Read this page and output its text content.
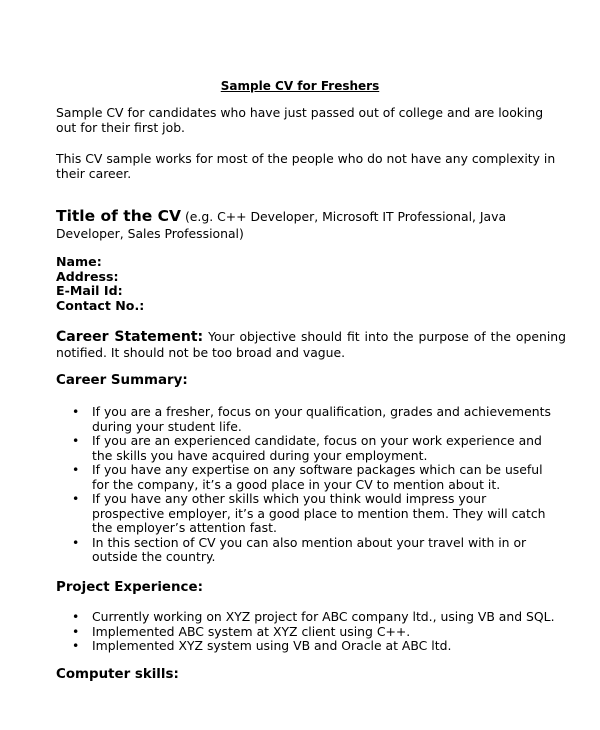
Sample CV for Freshers

Sample CV for candidates who have just passed out of college and are looking out for their first job.

This CV sample works for most of the people who do not have any complexity in their career.

Title of the CV (e.g. C++ Developer, Microsoft IT Professional, Java Developer, Sales Professional)
Name:
Address:
E-Mail Id:
Contact No.:
Career Statement: Your objective should fit into the purpose of the opening notified. It should not be too broad and vague.
Career Summary:
• If you are a fresher, focus on your qualification, grades and achievements during your student life.
• If you are an experienced candidate, focus on your work experience and the skills you have acquired during your employment.
• If you have any expertise on any software packages which can be useful for the company, it’s a good place in your CV to mention about it.
• If you have any other skills which you think would impress your prospective employer, it’s a good place to mention them. They will catch the employer’s attention fast.
• In this section of CV you can also mention about your travel with in or outside the country.
Project Experience:
• Currently working on XYZ project for ABC company ltd., using VB and SQL.
• Implemented ABC system at XYZ client using C++.
• Implemented XYZ system using VB and Oracle at ABC ltd.
Computer skills:
